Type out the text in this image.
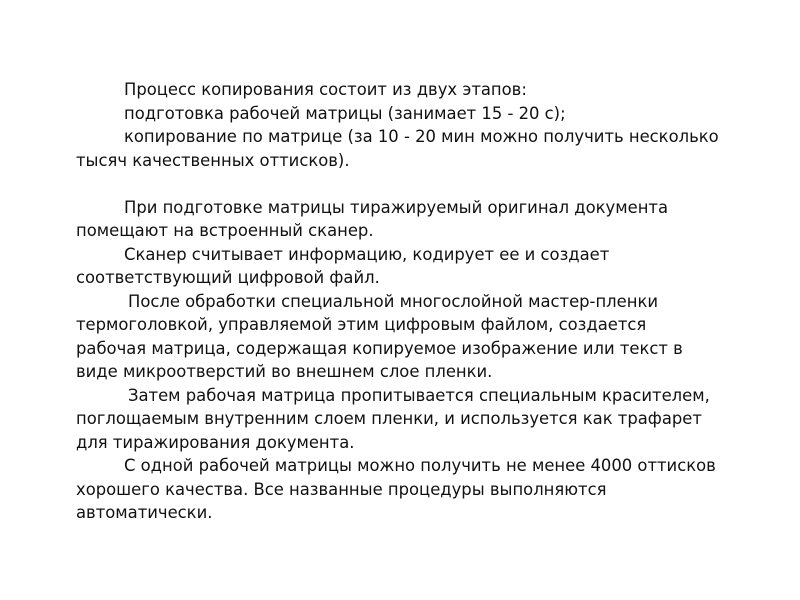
Процесс копирования состоит из двух этапов:
подготовка рабочей матрицы (занимает 15 - 20 с);
копирование по матрице (за 10 - 20 мин можно получить несколько
тысяч качественных оттисков).
При подготовке матрицы тиражируемый оригинал документа
помещают на встроенный сканер.
Сканер считывает информацию, кодирует ее и создает
соответствующий цифровой файл.
После обработки специальной многослойной мастер-пленки
термоголовкой, управляемой этим цифровым файлом, создается
рабочая матрица, содержащая копируемое изображение или текст в
виде микроотверстий во внешнем слое пленки.
Затем рабочая матрица пропитывается специальным красителем,
поглощаемым внутренним слоем пленки, и используется как трафарет
для тиражирования документа.
С одной рабочей матрицы можно получить не менее 4000 оттисков
хорошего качества. Все названные процедуры выполняются
автоматически.
